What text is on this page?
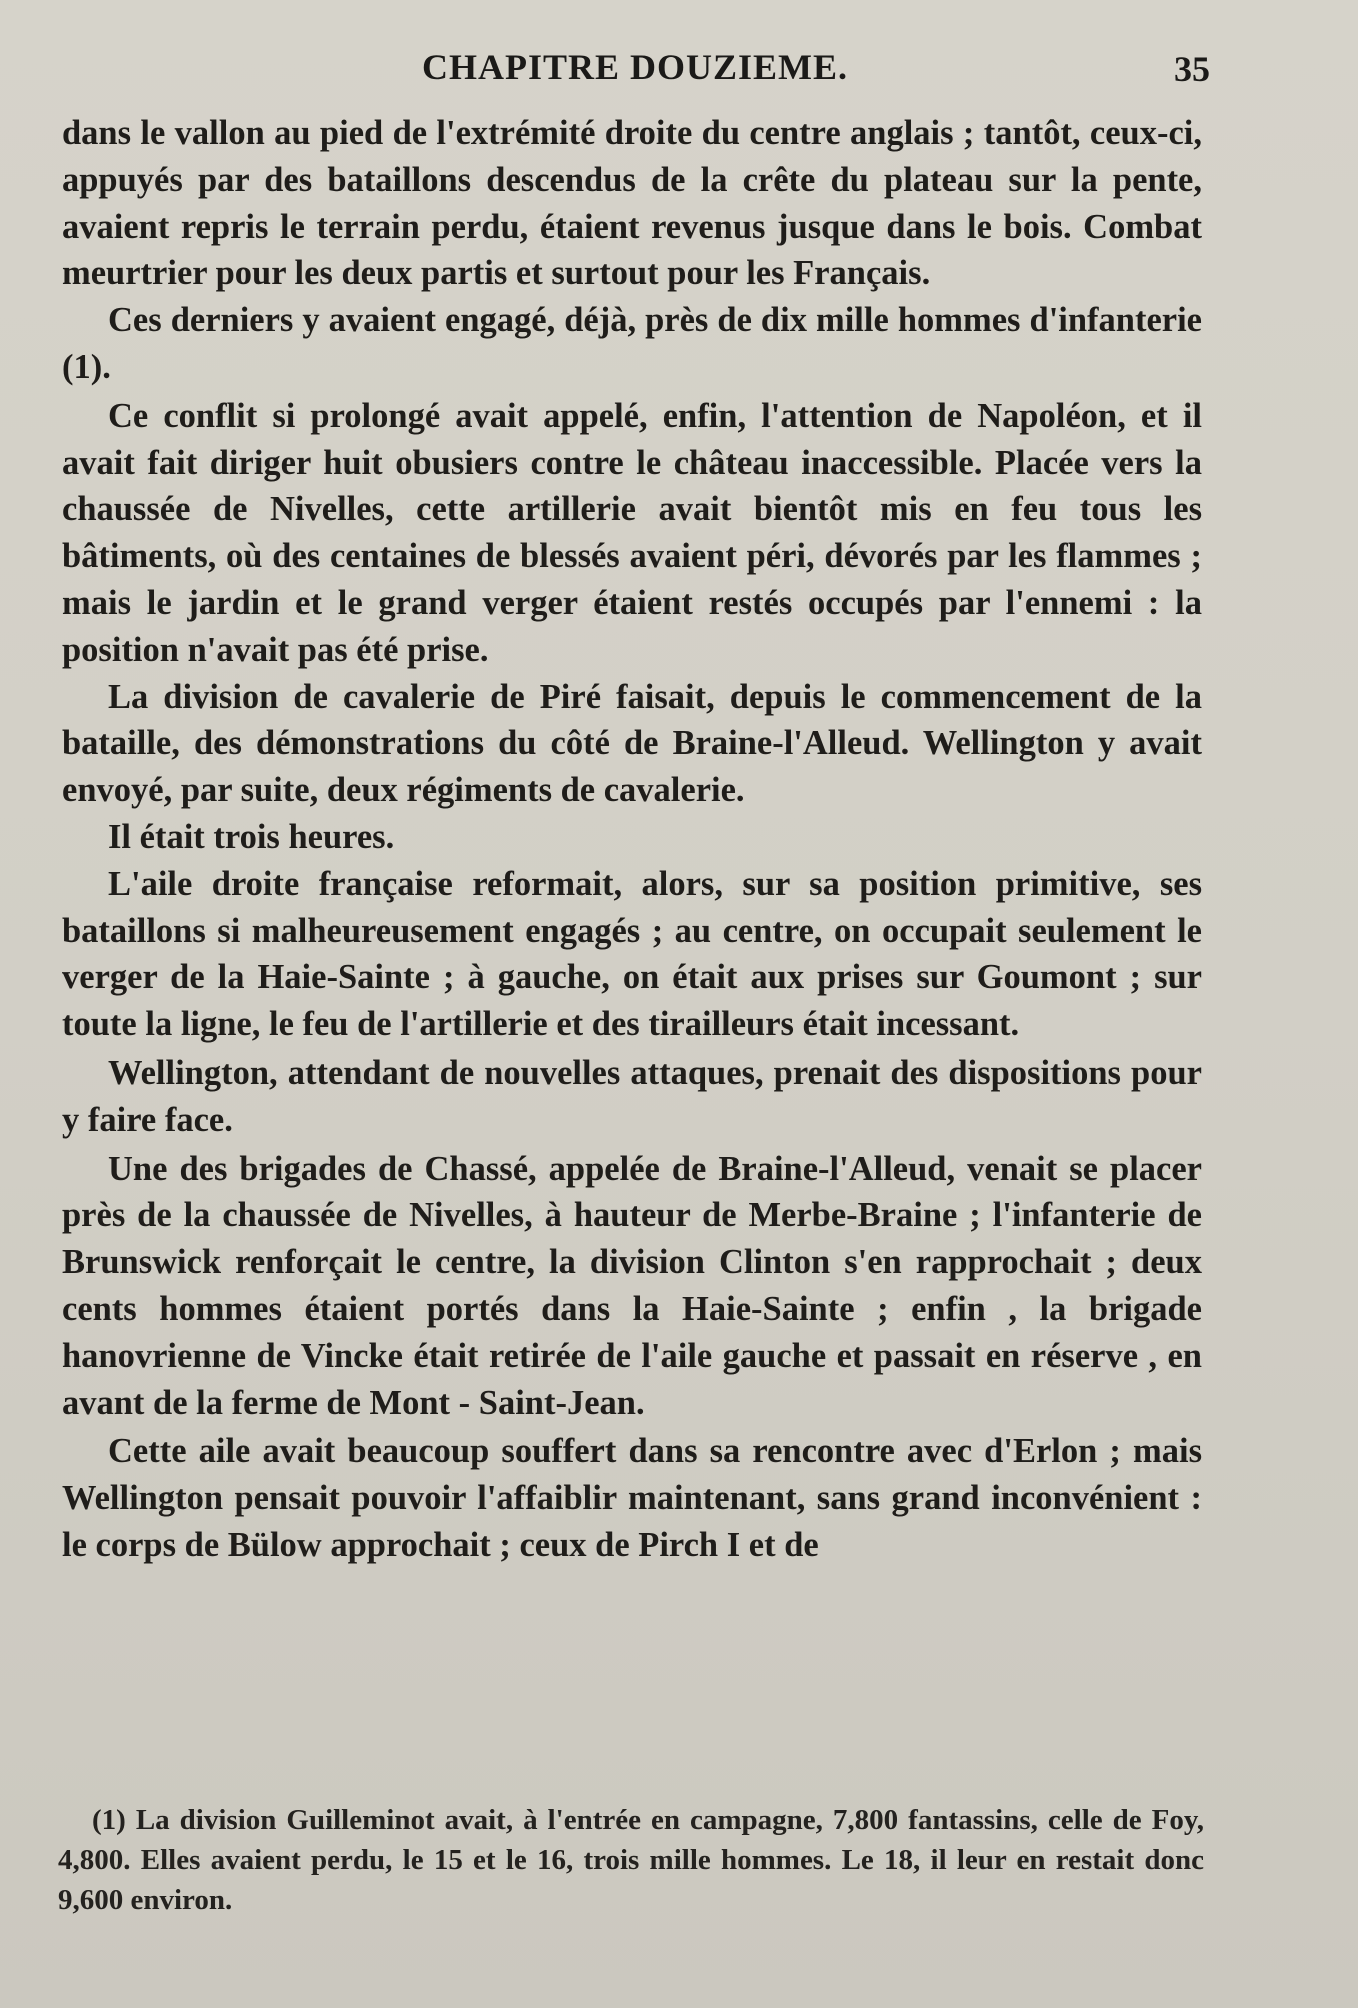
CHAPITRE DOUZIEME.	35

dans le vallon au pied de l'extrémité droite du centre anglais ; tantôt, ceux-ci, appuyés par des bataillons descendus de la crête du plateau sur la pente, avaient repris le terrain perdu, étaient revenus jusque dans le bois. Combat meurtrier pour les deux partis et surtout pour les Français.

Ces derniers y avaient engagé, déjà, près de dix mille hommes d'infanterie (1).

Ce conflit si prolongé avait appelé, enfin, l'attention de Napoléon, et il avait fait diriger huit obusiers contre le château inaccessible. Placée vers la chaussée de Nivelles, cette artillerie avait bientôt mis en feu tous les bâtiments, où des centaines de blessés avaient péri, dévorés par les flammes ; mais le jardin et le grand verger étaient restés occupés par l'ennemi : la position n'avait pas été prise.

La division de cavalerie de Piré faisait, depuis le commencement de la bataille, des démonstrations du côté de Braine-l'Alleud. Wellington y avait envoyé, par suite, deux régiments de cavalerie.

Il était trois heures.

L'aile droite française reformait, alors, sur sa position primitive, ses bataillons si malheureusement engagés ; au centre, on occupait seulement le verger de la Haie-Sainte ; à gauche, on était aux prises sur Goumont ; sur toute la ligne, le feu de l'artillerie et des tirailleurs était incessant.

Wellington, attendant de nouvelles attaques, prenait des dispositions pour y faire face.

Une des brigades de Chassé, appelée de Braine-l'Alleud, venait se placer près de la chaussée de Nivelles, à hauteur de Merbe-Braine ; l'infanterie de Brunswick renforçait le centre, la division Clinton s'en rapprochait ; deux cents hommes étaient portés dans la Haie-Sainte ; enfin , la brigade hanovrienne de Vincke était retirée de l'aile gauche et passait en réserve , en avant de la ferme de Mont - Saint-Jean.

Cette aile avait beaucoup souffert dans sa rencontre avec d'Erlon ; mais Wellington pensait pouvoir l'affaiblir maintenant, sans grand inconvénient : le corps de Bülow approchait ; ceux de Pirch I et de

(1) La division Guilleminot avait, à l'entrée en campagne, 7,800 fantassins, celle de Foy, 4,800. Elles avaient perdu, le 15 et le 16, trois mille hommes. Le 18, il leur en restait donc 9,600 environ.
